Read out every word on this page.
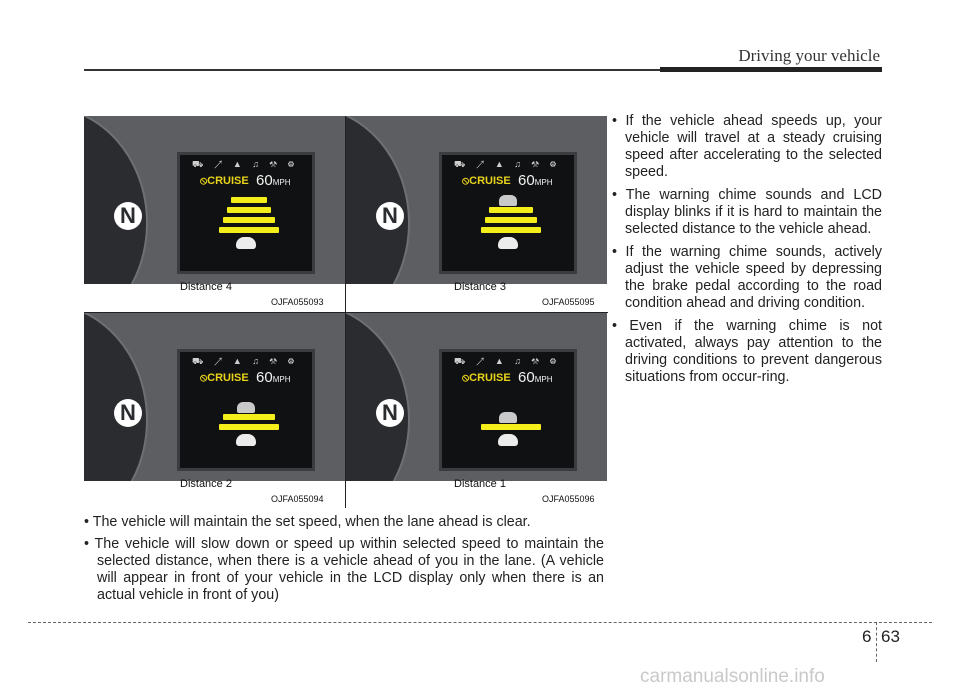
Driving your vehicle
N
⛟ ↗ ▲ ♫ ⚒ ⚙
⦸CRUISE 60MPH
Distance 4
OJFA055093
N
⛟ ↗ ▲ ♫ ⚒ ⚙
⦸CRUISE 60MPH
Distance 3
OJFA055095
N
⛟ ↗ ▲ ♫ ⚒ ⚙
⦸CRUISE 60MPH
Distance 2
OJFA055094
N
⛟ ↗ ▲ ♫ ⚒ ⚙
⦸CRUISE 60MPH
Distance 1
OJFA055096

• If the vehicle ahead speeds up, your vehicle will travel at a steady cruising speed after accelerating to the selected speed.

• The warning chime sounds and LCD display blinks if it is hard to maintain the selected distance to the vehicle ahead.

• If the warning chime sounds, actively adjust the vehicle speed by depressing the brake pedal according to the road condition ahead and driving condition.

• Even if the warning chime is not activated, always pay attention to the driving conditions to prevent dangerous situations from occur-ring.

• The vehicle will maintain the set speed, when the lane ahead is clear.

• The vehicle will slow down or speed up within selected speed to maintain the selected distance, when there is a vehicle ahead of you in the lane. (A vehicle will appear in front of your vehicle in the LCD display only when there is an actual vehicle in front of you)

6 63
carmanualsonline.info
